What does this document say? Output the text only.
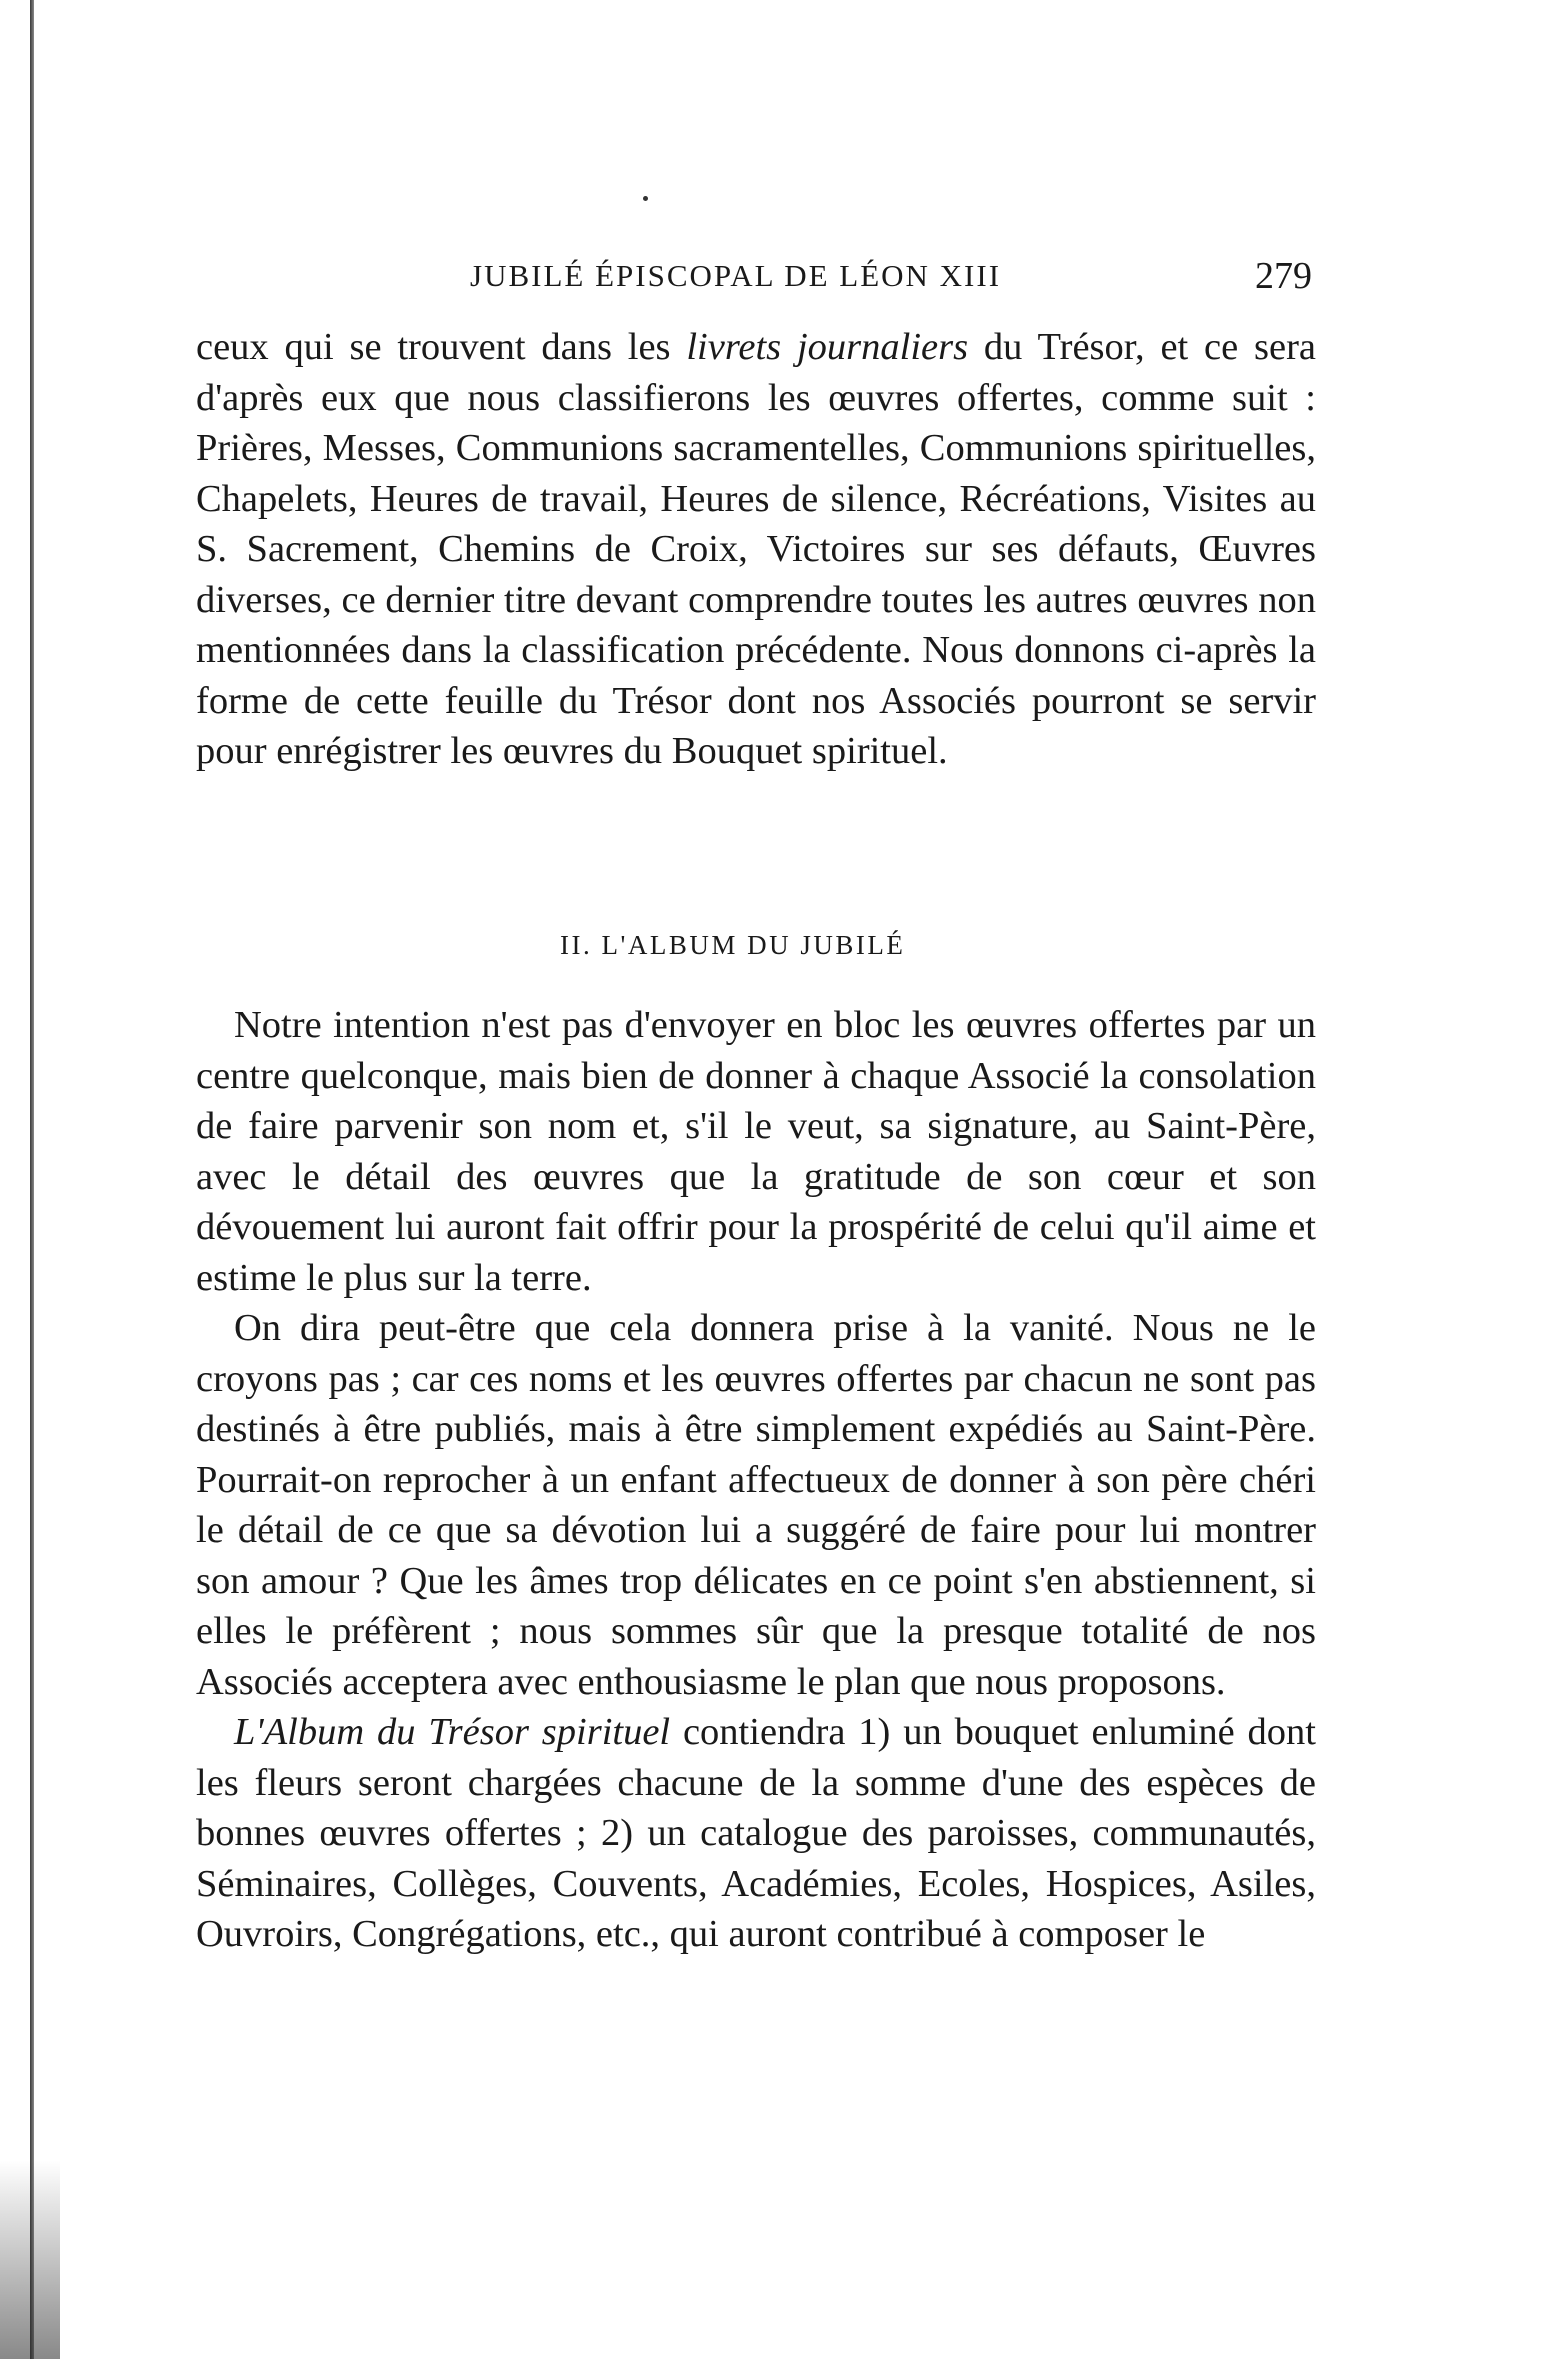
JUBILÉ ÉPISCOPAL DE LÉON XIII	279

ceux qui se trouvent dans les livrets journaliers du Trésor, et ce sera d'après eux que nous classifierons les œuvres offertes, comme suit : Prières, Messes, Communions sacramentelles, Communions spirituelles, Chapelets, Heures de travail, Heures de silence, Récréations, Visites au S. Sacrement, Chemins de Croix, Victoires sur ses défauts, Œuvres diverses, ce dernier titre devant comprendre toutes les autres œuvres non mentionnées dans la classification précédente. Nous donnons ci-après la forme de cette feuille du Trésor dont nos Associés pourront se servir pour enrégistrer les œuvres du Bouquet spirituel.

II. L'ALBUM DU JUBILÉ

Notre intention n'est pas d'envoyer en bloc les œuvres offertes par un centre quelconque, mais bien de donner à chaque Associé la consolation de faire parvenir son nom et, s'il le veut, sa signature, au Saint-Père, avec le détail des œuvres que la gratitude de son cœur et son dévouement lui auront fait offrir pour la prospérité de celui qu'il aime et estime le plus sur la terre.

On dira peut-être que cela donnera prise à la vanité. Nous ne le croyons pas ; car ces noms et les œuvres offertes par chacun ne sont pas destinés à être publiés, mais à être simplement expédiés au Saint-Père. Pourrait-on reprocher à un enfant affectueux de donner à son père chéri le détail de ce que sa dévotion lui a suggéré de faire pour lui montrer son amour ? Que les âmes trop délicates en ce point s'en abstiennent, si elles le préfèrent ; nous sommes sûr que la presque totalité de nos Associés acceptera avec enthousiasme le plan que nous proposons.

L'Album du Trésor spirituel contiendra 1) un bouquet enluminé dont les fleurs seront chargées chacune de la somme d'une des espèces de bonnes œuvres offertes ; 2) un catalogue des paroisses, communautés, Séminaires, Collèges, Couvents, Académies, Ecoles, Hospices, Asiles, Ouvroirs, Congrégations, etc., qui auront contribué à composer le
